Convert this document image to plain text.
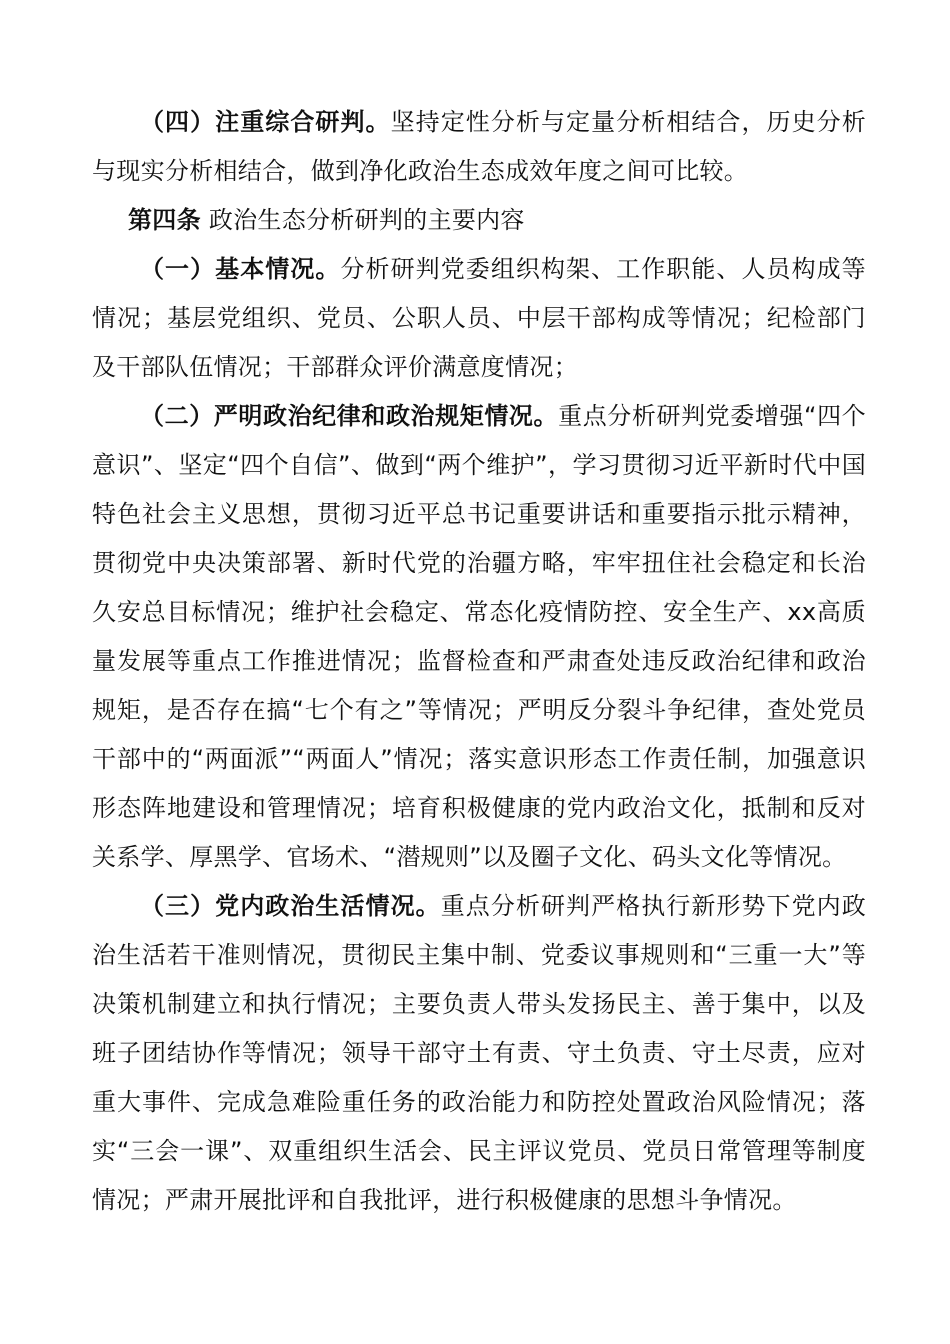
（四）注重综合研判。坚持定性分析与定量分析相结合，历史分析与现实分析相结合，做到净化政治生态成效年度之间可比较。

第四条 政治生态分析研判的主要内容

（一）基本情况。分析研判党委组织构架、工作职能、人员构成等情况；基层党组织、党员、公职人员、中层干部构成等情况；纪检部门及干部队伍情况；干部群众评价满意度情况；

（二）严明政治纪律和政治规矩情况。重点分析研判党委增强“四个意识”、坚定“四个自信”、做到“两个维护”，学习贯彻习近平新时代中国特色社会主义思想，贯彻习近平总书记重要讲话和重要指示批示精神，贯彻党中央决策部署、新时代党的治疆方略，牢牢扭住社会稳定和长治久安总目标情况；维护社会稳定、常态化疫情防控、安全生产、xx高质量发展等重点工作推进情况；监督检查和严肃查处违反政治纪律和政治规矩，是否存在搞“七个有之”等情况；严明反分裂斗争纪律，查处党员干部中的“两面派”“两面人”情况；落实意识形态工作责任制，加强意识形态阵地建设和管理情况；培育积极健康的党内政治文化，抵制和反对关系学、厚黑学、官场术、“潜规则”以及圈子文化、码头文化等情况。

（三）党内政治生活情况。重点分析研判严格执行新形势下党内政治生活若干准则情况，贯彻民主集中制、党委议事规则和“三重一大”等决策机制建立和执行情况；主要负责人带头发扬民主、善于集中，以及班子团结协作等情况；领导干部守土有责、守土负责、守土尽责，应对重大事件、完成急难险重任务的政治能力和防控处置政治风险情况；落实“三会一课”、双重组织生活会、民主评议党员、党员日常管理等制度情况；严肃开展批评和自我批评，进行积极健康的思想斗争情况。
